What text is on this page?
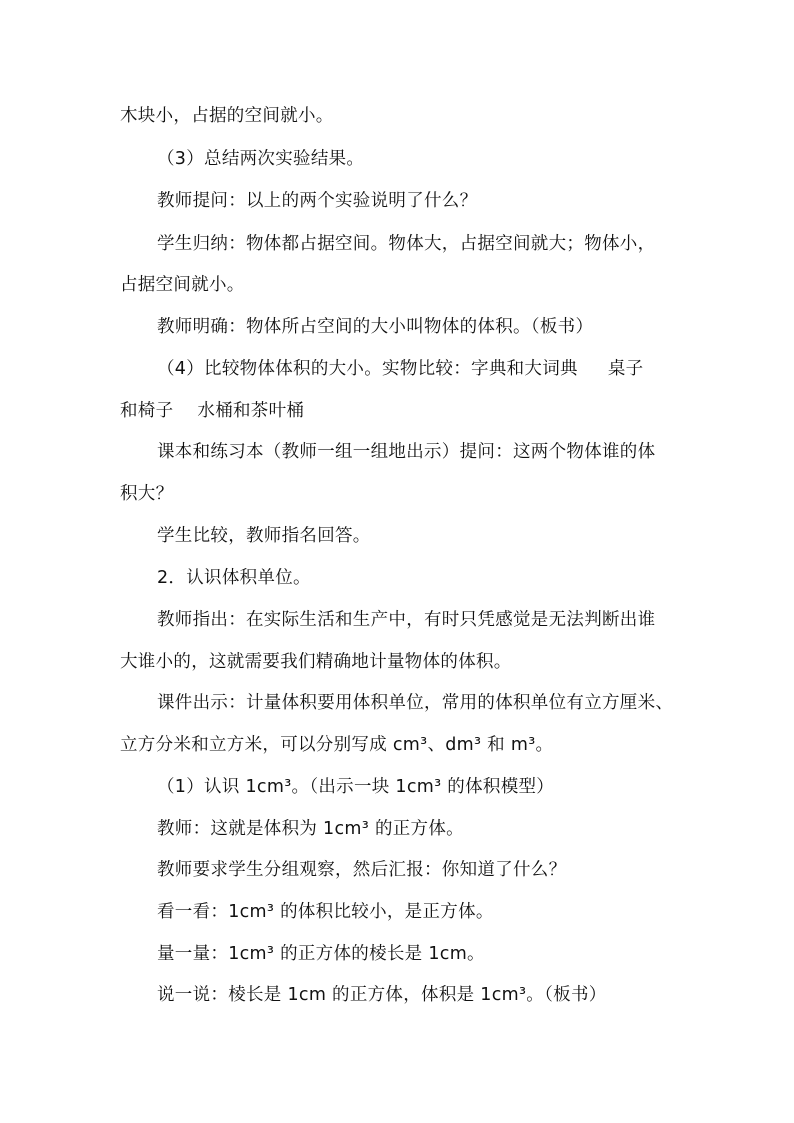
木块小，占据的空间就小。

（3）总结两次实验结果。

教师提问：以上的两个实验说明了什么？

学生归纳：物体都占据空间。物体大，占据空间就大；物体小，

占据空间就小。

教师明确：物体所占空间的大小叫物体的体积。（板书）

（4）比较物体体积的大小。实物比较：字典和大词典 桌子

和椅子 水桶和茶叶桶

课本和练习本（教师一组一组地出示）提问：这两个物体谁的体

积大？

学生比较，教师指名回答。

2．认识体积单位。

教师指出：在实际生活和生产中，有时只凭感觉是无法判断出谁

大谁小的，这就需要我们精确地计量物体的体积。

课件出示：计量体积要用体积单位，常用的体积单位有立方厘米、

立方分米和立方米，可以分别写成 cm³、dm³ 和 m³。

（1）认识 1cm³。（出示一块 1cm³ 的体积模型）

教师：这就是体积为 1cm³ 的正方体。

教师要求学生分组观察，然后汇报：你知道了什么？

看一看：1cm³ 的体积比较小，是正方体。

量一量：1cm³ 的正方体的棱长是 1cm。

说一说：棱长是 1cm 的正方体，体积是 1cm³。（板书）
